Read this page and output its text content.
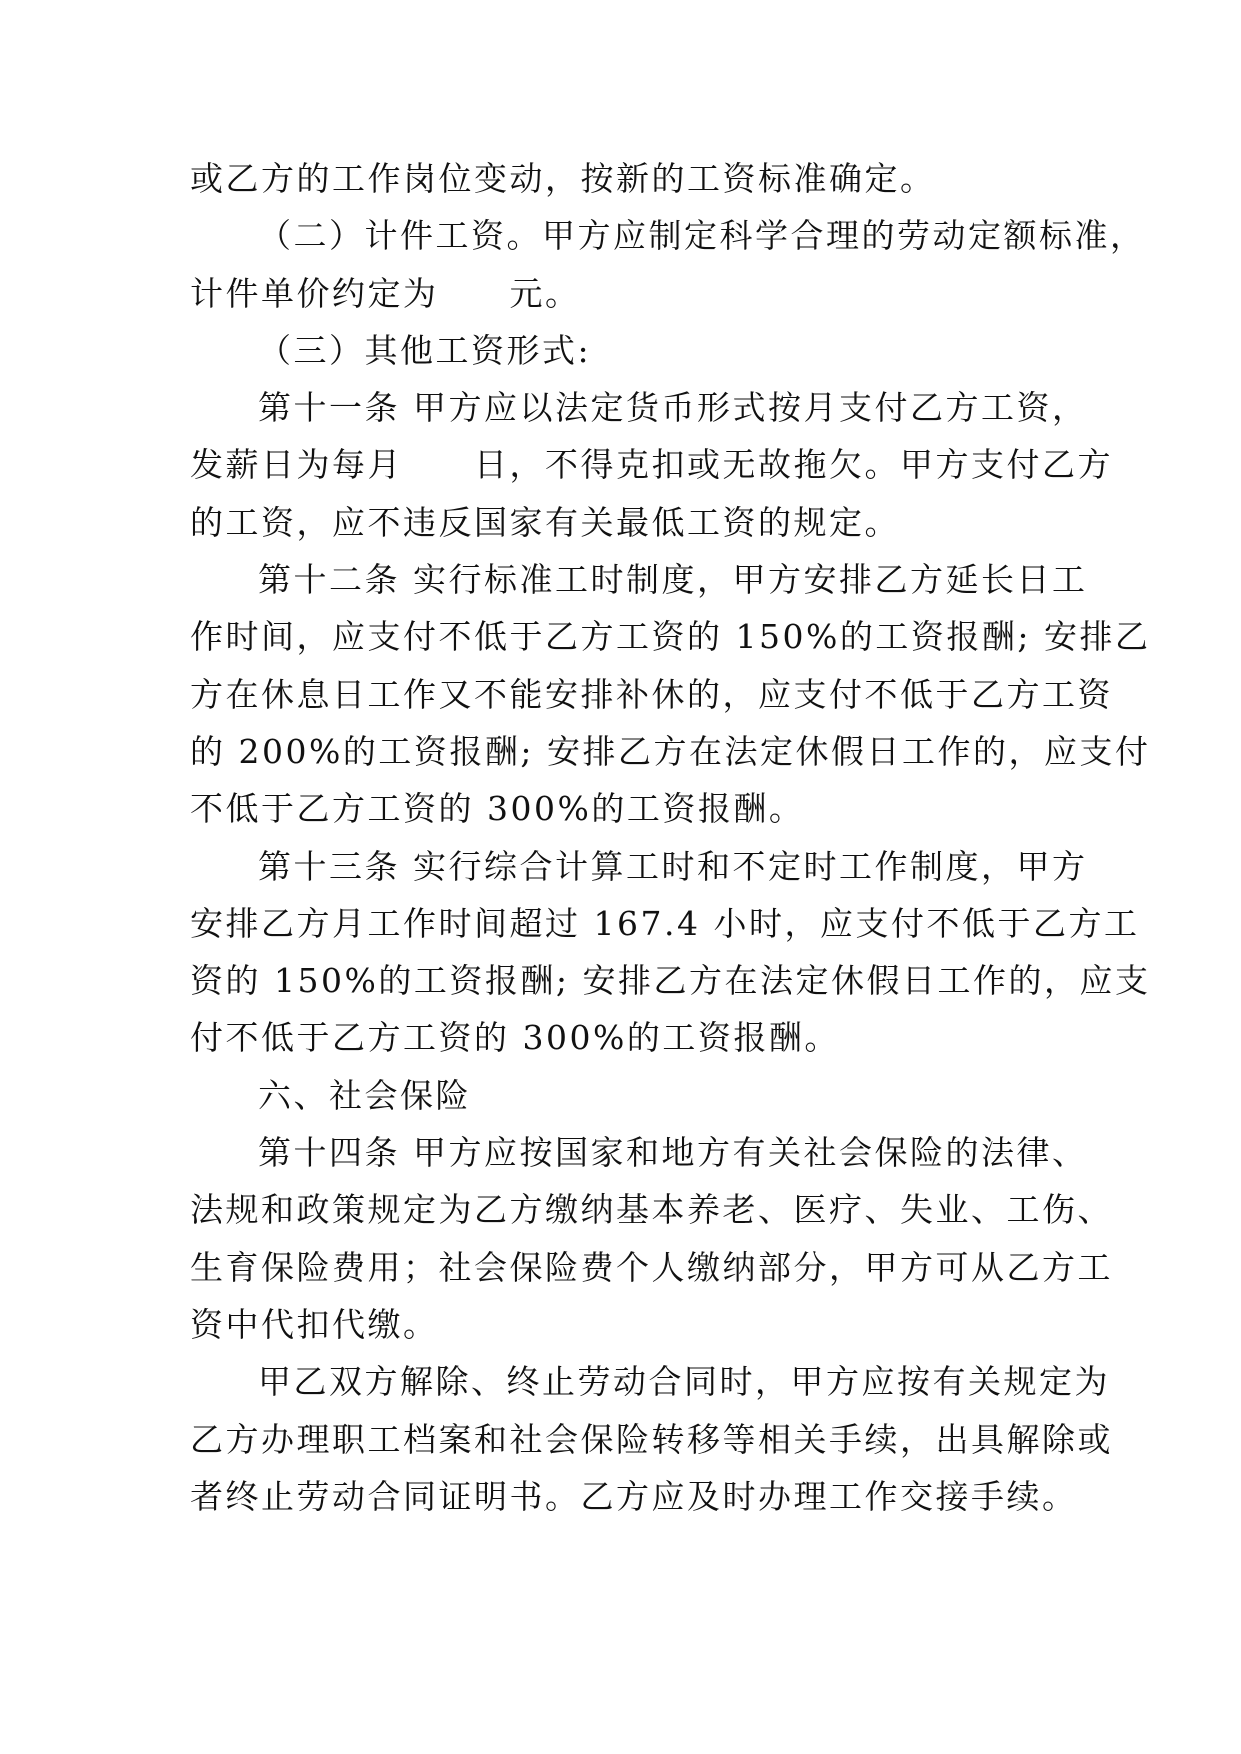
或乙方的工作岗位变动，按新的工资标准确定。
（二）计件工资。甲方应制定科学合理的劳动定额标准，
计件单价约定为　　元。
（三）其他工资形式:
第十一条 甲方应以法定货币形式按月支付乙方工资，
发薪日为每月　　日，不得克扣或无故拖欠。甲方支付乙方
的工资，应不违反国家有关最低工资的规定。
第十二条 实行标准工时制度，甲方安排乙方延长日工
作时间，应支付不低于乙方工资的 150%的工资报酬; 安排乙
方在休息日工作又不能安排补休的，应支付不低于乙方工资
的 200%的工资报酬; 安排乙方在法定休假日工作的，应支付
不低于乙方工资的 300%的工资报酬。
第十三条 实行综合计算工时和不定时工作制度，甲方
安排乙方月工作时间超过 167.4 小时，应支付不低于乙方工
资的 150%的工资报酬; 安排乙方在法定休假日工作的，应支
付不低于乙方工资的 300%的工资报酬。
六、社会保险
第十四条 甲方应按国家和地方有关社会保险的法律、
法规和政策规定为乙方缴纳基本养老、医疗、失业、工伤、
生育保险费用；社会保险费个人缴纳部分，甲方可从乙方工
资中代扣代缴。
甲乙双方解除、终止劳动合同时，甲方应按有关规定为
乙方办理职工档案和社会保险转移等相关手续，出具解除或
者终止劳动合同证明书。乙方应及时办理工作交接手续。
